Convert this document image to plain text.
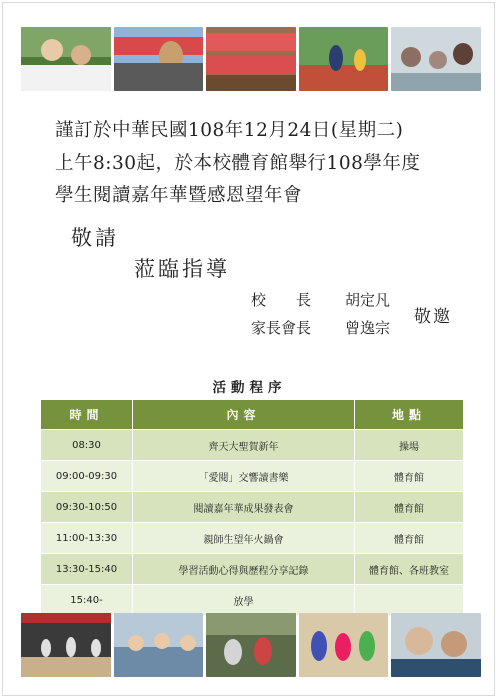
謹訂於中華民國108年12月24日(星期二)
上午8:30起，於本校體育館舉行108學年度
學生閱讀嘉年華暨感恩望年會
敬請
蒞臨指導
校　　長 胡定凡
家長會長 曾逸宗
敬邀
活動程序
時間	內容	地點
08:30	齊天大聖賀新年	操場
09:00-09:30	「愛閱」交響讀書樂	體育館
09:30-10:50	閱讀嘉年華成果發表會	體育館
11:00-13:30	親師生望年火鍋會	體育館
13:30-15:40	學習活動心得與歷程分享記錄	體育館、各班教室
15:40-	放學	
